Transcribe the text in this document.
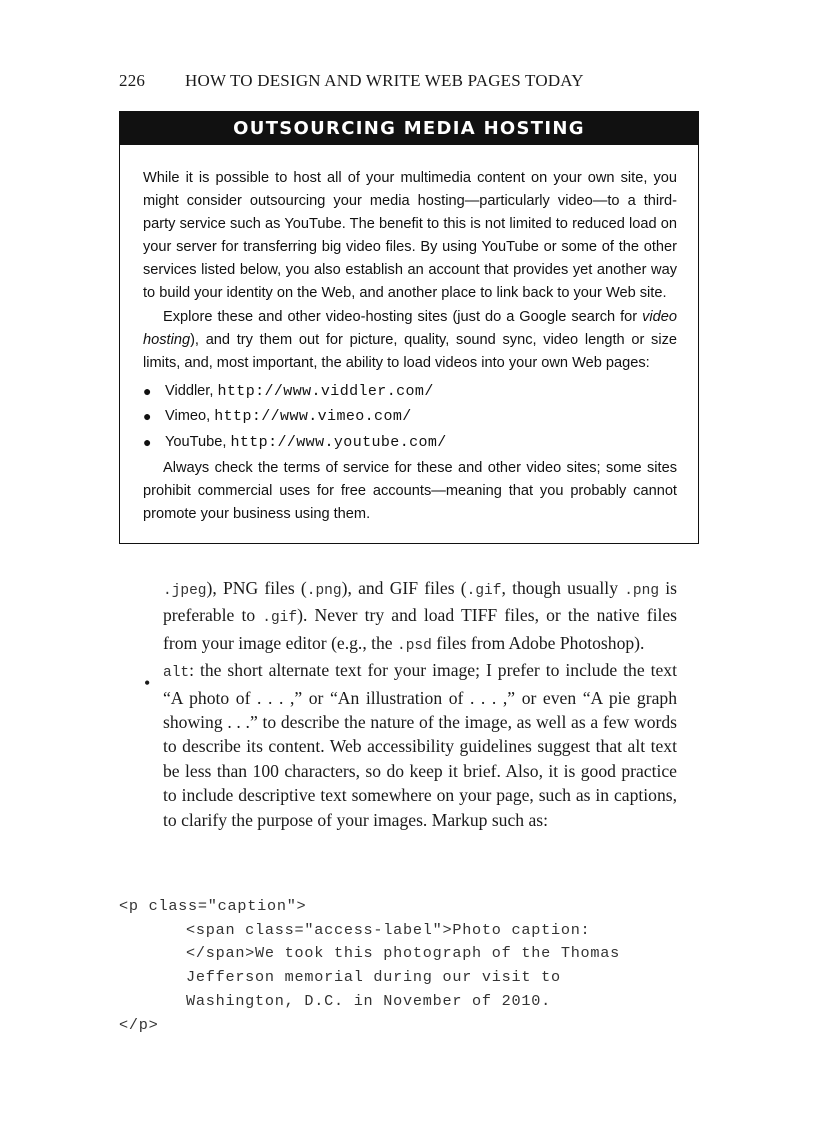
226 HOW TO DESIGN AND WRITE WEB PAGES TODAY
OUTSOURCING MEDIA HOSTING

While it is possible to host all of your multimedia content on your own site, you might consider outsourcing your media hosting—particularly video—to a third-party service such as YouTube. The benefit to this is not limited to reduced load on your server for transferring big video files. By using YouTube or some of the other services listed below, you also establish an account that provides yet another way to build your identity on the Web, and another place to link back to your Web site.

Explore these and other video-hosting sites (just do a Google search for video hosting), and try them out for picture, quality, sound sync, video length or size limits, and, most important, the ability to load videos into your own Web pages:

● Viddler, http://www.viddler.com/
● Vimeo, http://www.vimeo.com/
● YouTube, http://www.youtube.com/

Always check the terms of service for these and other video sites; some sites prohibit commercial uses for free accounts—meaning that you probably cannot promote your business using them.

.jpeg), PNG files (.png), and GIF files (.gif, though usually .png is preferable to .gif). Never try and load TIFF files, or the native files from your image editor (e.g., the .psd files from Adobe Photoshop).

alt: the short alternate text for your image; I prefer to include the text “A photo of . . . ,” or “An illustration of . . . ,” or even “A pie graph showing . . .” to describe the nature of the image, as well as a few words to describe its content. Web accessibility guidelines suggest that alt text be less than 100 characters, so do keep it brief. Also, it is good practice to include descriptive text somewhere on your page, such as in captions, to clarify the purpose of your images. Markup such as:

•
<p class="caption">
<span class="access-label">Photo caption:
</span>We took this photograph of the Thomas
Jefferson memorial during our visit to
Washington, D.C. in November of 2010.
</p>
